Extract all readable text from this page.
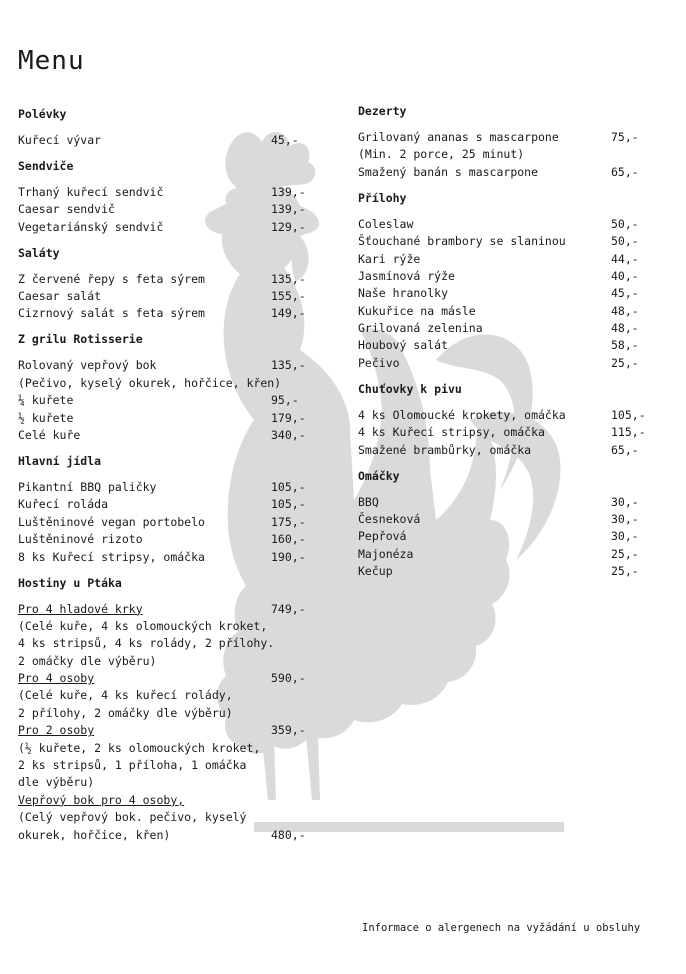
Menu
Polévky
Kuřecí vývar	45,-
Sendviče
Trhaný kuřecí sendvič	139,-
Caesar sendvič	139,-
Vegetariánský sendvič	129,-
Saláty
Z červené řepy s feta sýrem	135,-
Caesar salát	155,-
Cizrnový salát s feta sýrem	149,-
Z grilu Rotisserie
Rolovaný vepřový bok	135,-
(Pečivo, kyselý okurek, hořčice, křen)
¼ kuřete	95,-
½ kuřete	179,-
Celé kuře	340,-
Hlavní jídla
Pikantní BBQ paličky	105,-
Kuřecí roláda	105,-
Luštěninové vegan portobelo	175,-
Luštěninové rizoto	160,-
8 ks Kuřecí stripsy, omáčka	190,-
Hostiny u Ptáka
Pro 4 hladové krky	749,-
(Celé kuře, 4 ks olomouckých kroket,
4 ks stripsů, 4 ks rolády, 2 přílohy.
2 omáčky dle výběru)
Pro 4 osoby	590,-
(Celé kuře, 4 ks kuřecí rolády,
2 přílohy, 2 omáčky dle výběru)
Pro 2 osoby	359,-
(½ kuřete, 2 ks olomouckých kroket,
2 ks stripsů, 1 příloha, 1 omáčka
dle výběru)
Vepřový bok pro 4 osoby,
(Celý vepřový bok. pečivo, kyselý
okurek, hořčice, křen)	480,-
Dezerty
Grilovaný ananas s mascarpone	75,-
(Min. 2 porce, 25 minut)
Smažený banán s mascarpone	65,-
Přílohy
Coleslaw	50,-
Šťouchané brambory se slaninou	50,-
Kari rýže	44,-
Jasmínová rýže	40,-
Naše hranolky	45,-
Kukuřice na másle	48,-
Grilovaná zelenina	48,-
Houbový salát	58,-
Pečivo	25,-
Chuťovky k pivu
4 ks Olomoucké krokety, omáčka	105,-
4 ks Kuřecí stripsy, omáčka	115,-
Smažené brambůrky, omáčka	65,-
Omáčky
BBQ	30,-
Česneková	30,-
Pepřová	30,-
Majonéza	25,-
Kečup	25,-
Informace o alergenech na vyžádání u obsluhy
